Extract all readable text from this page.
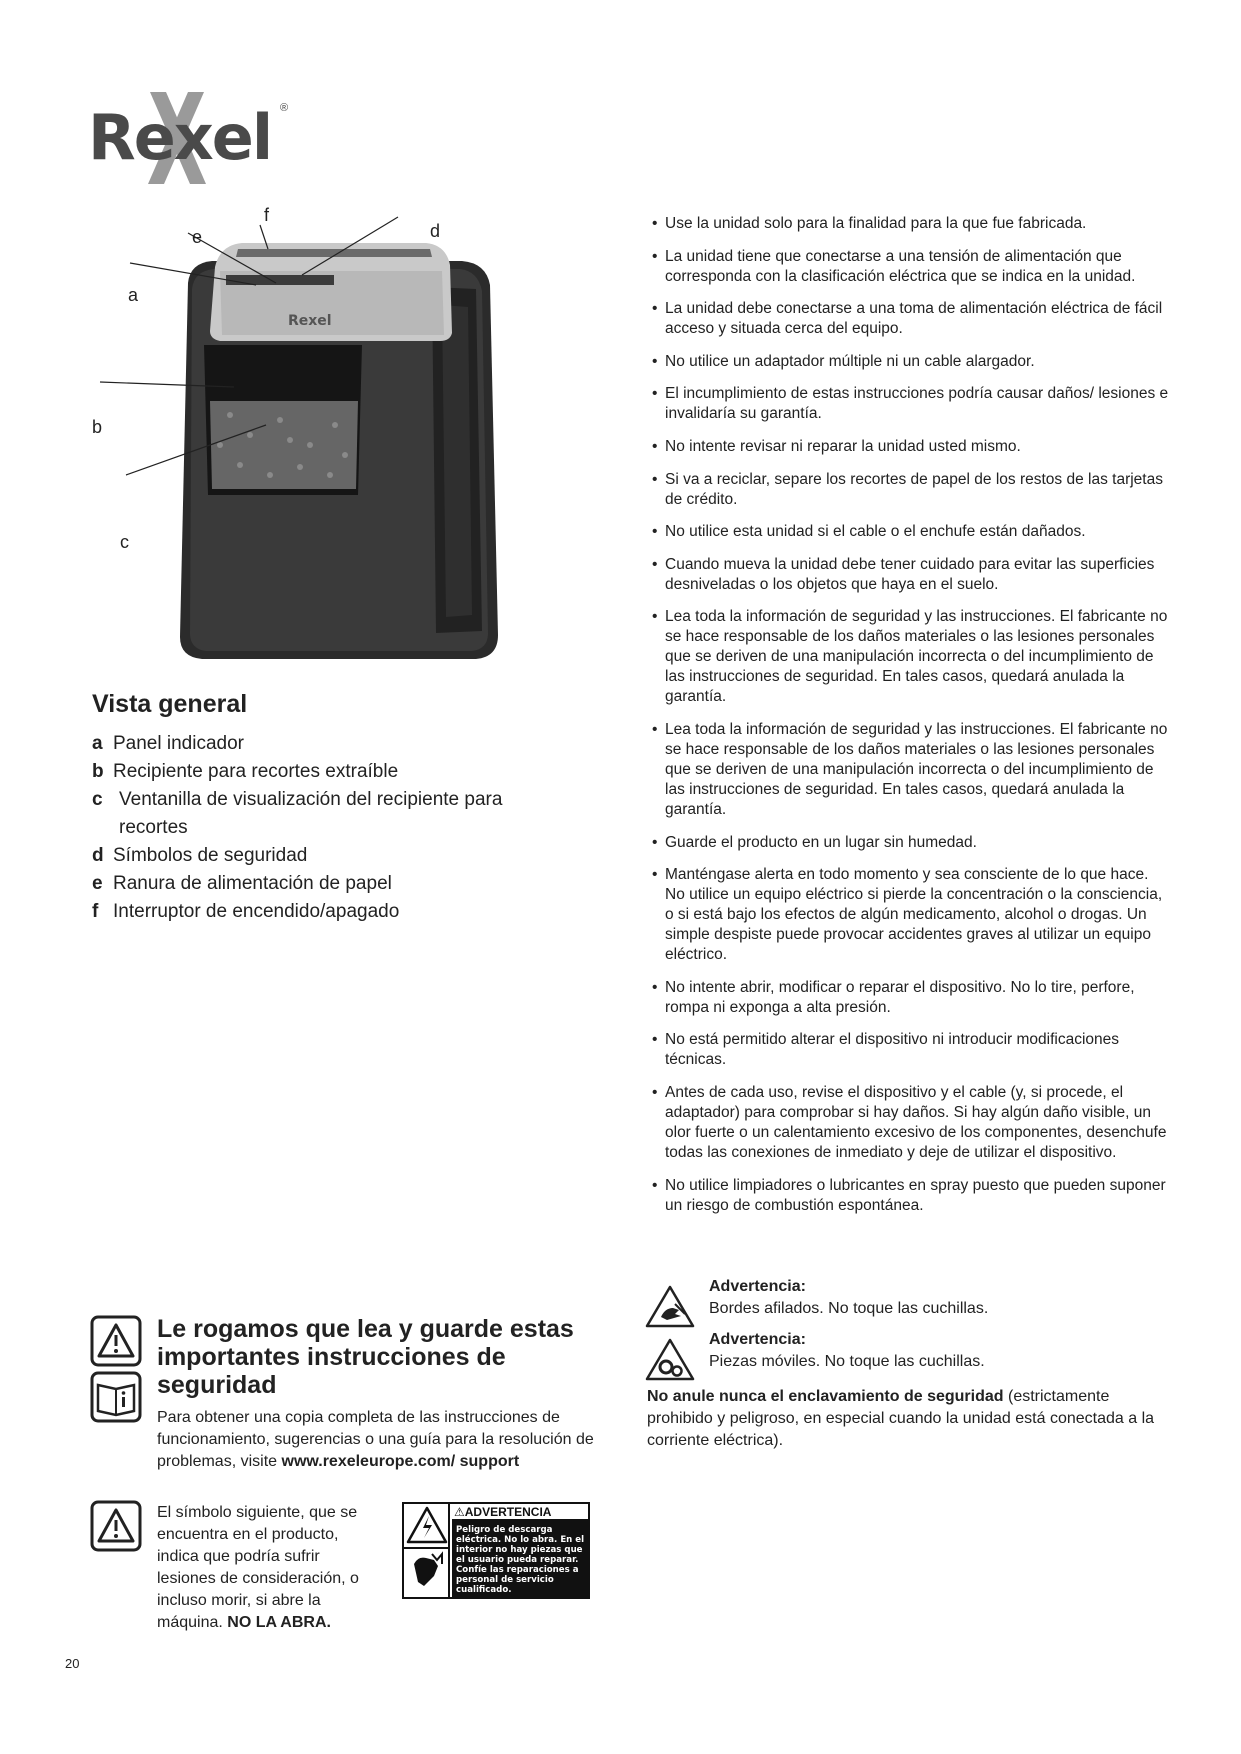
Rexel ®
Rexel
a
b
c
d
e
f
Vista general
a Panel indicador
b Recipiente para recortes extraíble
c Ventanilla de visualización del recipiente para recortes
d Símbolos de seguridad
e Ranura de alimentación de papel
f Interruptor de encendido/apagado
• Use la unidad solo para la finalidad para la que fue fabricada.
• La unidad tiene que conectarse a una tensión de alimentación que corresponda con la clasificación eléctrica que se indica en la unidad.
• La unidad debe conectarse a una toma de alimentación eléctrica de fácil acceso y situada cerca del equipo.
• No utilice un adaptador múltiple ni un cable alargador.
• El incumplimiento de estas instrucciones podría causar daños/ lesiones e invalidaría su garantía.
• No intente revisar ni reparar la unidad usted mismo.
• Si va a reciclar, separe los recortes de papel de los restos de las tarjetas de crédito.
• No utilice esta unidad si el cable o el enchufe están dañados.
• Cuando mueva la unidad debe tener cuidado para evitar las superficies desniveladas o los objetos que haya en el suelo.
• Lea toda la información de seguridad y las instrucciones. El fabricante no se hace responsable de los daños materiales o las lesiones personales que se deriven de una manipulación incorrecta o del incumplimiento de las instrucciones de seguridad. En tales casos, quedará anulada la garantía.
• Lea toda la información de seguridad y las instrucciones. El fabricante no se hace responsable de los daños materiales o las lesiones personales que se deriven de una manipulación incorrecta o del incumplimiento de las instrucciones de seguridad. En tales casos, quedará anulada la garantía.
• Guarde el producto en un lugar sin humedad.
• Manténgase alerta en todo momento y sea consciente de lo que hace. No utilice un equipo eléctrico si pierde la concentración o la consciencia, o si está bajo los efectos de algún medicamento, alcohol o drogas. Un simple despiste puede provocar accidentes graves al utilizar un equipo eléctrico.
• No intente abrir, modificar o reparar el dispositivo. No lo tire, perfore, rompa ni exponga a alta presión.
• No está permitido alterar el dispositivo ni introducir modificaciones técnicas.
• Antes de cada uso, revise el dispositivo y el cable (y, si procede, el adaptador) para comprobar si hay daños. Si hay algún daño visible, un olor fuerte o un calentamiento excesivo de los componentes, desenchufe todas las conexiones de inmediato y deje de utilizar el dispositivo.
• No utilice limpiadores o lubricantes en spray puesto que pueden suponer un riesgo de combustión espontánea.
Advertencia:
Bordes afilados. No toque las cuchillas.
Advertencia:
Piezas móviles. No toque las cuchillas.

No anule nunca el enclavamiento de seguridad (estrictamente prohibido y peligroso, en especial cuando la unidad está conectada a la corriente eléctrica).

Le rogamos que lea y guarde estas importantes instrucciones de seguridad

Para obtener una copia completa de las instrucciones de funcionamiento, sugerencias o una guía para la resolución de problemas, visite www.rexeleurope.com/ support

El símbolo siguiente, que se encuentra en el producto, indica que podría sufrir lesiones de consideración, o incluso morir, si abre la máquina. NO LA ABRA.

⚠ADVERTENCIA
Peligro de descarga eléctrica. No lo abra. En el interior no hay piezas que el usuario pueda reparar. Confíe las reparaciones a personal de servicio cualificado.
20
